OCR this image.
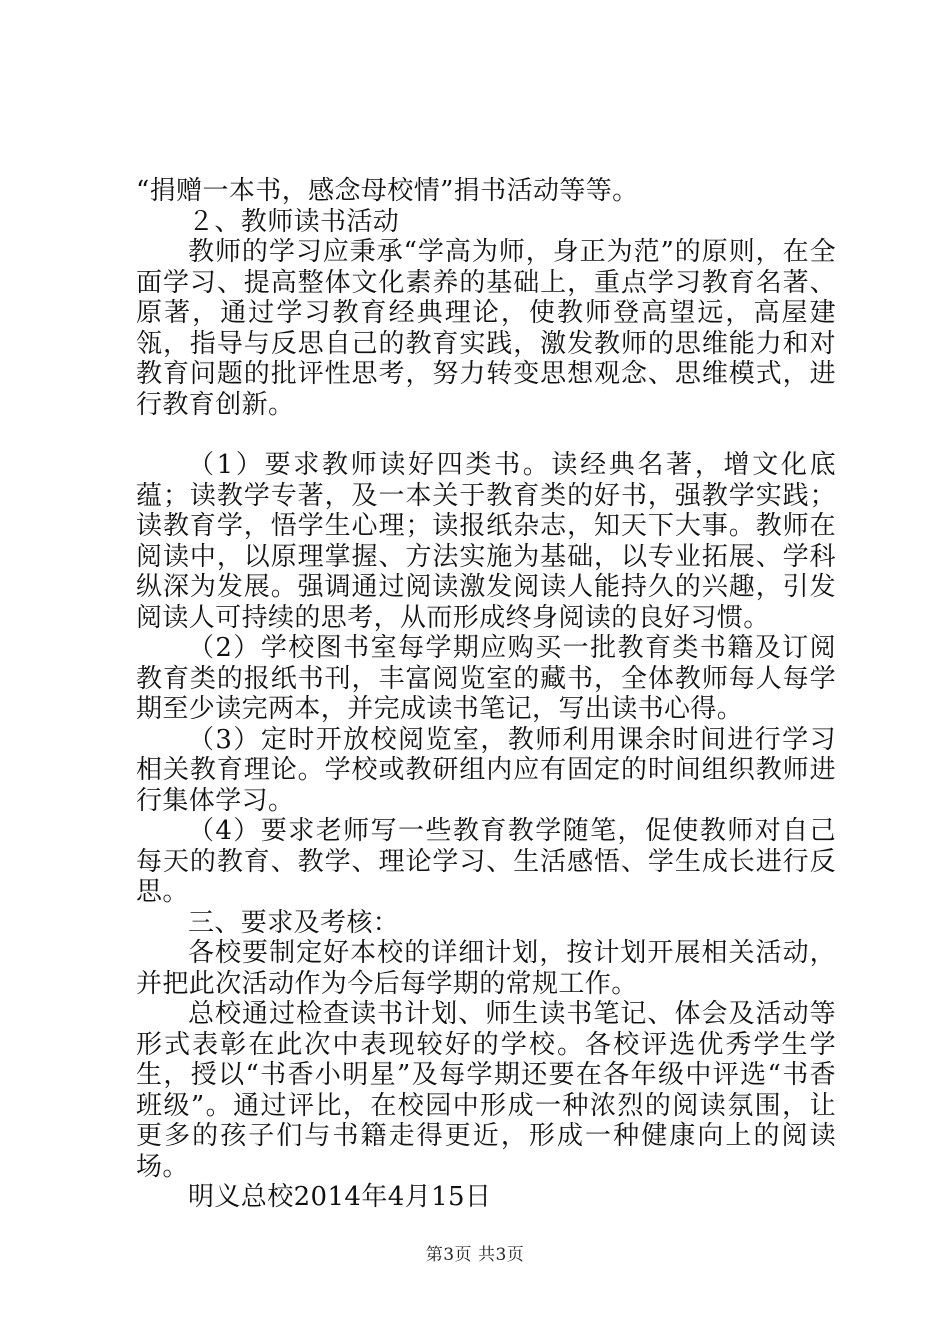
“捐赠一本书，感念母校情”捐书活动等等。

２、教师读书活动

教师的学习应秉承“学高为师，身正为范”的原则，在全面学习、提高整体文化素养的基础上，重点学习教育名著、原著，通过学习教育经典理论，使教师登高望远，高屋建瓴，指导与反思自己的教育实践，激发教师的思维能力和对教育问题的批评性思考，努力转变思想观念、思维模式，进行教育创新。

（1）要求教师读好四类书。读经典名著，增文化底蕴；读教学专著，及一本关于教育类的好书，强教学实践；读教育学，悟学生心理；读报纸杂志，知天下大事。教师在阅读中，以原理掌握、方法实施为基础，以专业拓展、学科纵深为发展。强调通过阅读激发阅读人能持久的兴趣，引发阅读人可持续的思考，从而形成终身阅读的良好习惯。

（2）学校图书室每学期应购买一批教育类书籍及订阅教育类的报纸书刊，丰富阅览室的藏书，全体教师每人每学期至少读完两本，并完成读书笔记，写出读书心得。

（3）定时开放校阅览室，教师利用课余时间进行学习相关教育理论。学校或教研组内应有固定的时间组织教师进行集体学习。

（4）要求老师写一些教育教学随笔，促使教师对自己每天的教育、教学、理论学习、生活感悟、学生成长进行反思。

三、要求及考核：

各校要制定好本校的详细计划，按计划开展相关活动，并把此次活动作为今后每学期的常规工作。

总校通过检查读书计划、师生读书笔记、体会及活动等形式表彰在此次中表现较好的学校。各校评选优秀学生学生，授以“书香小明星”及每学期还要在各年级中评选“书香班级”。通过评比，在校园中形成一种浓烈的阅读氛围，让更多的孩子们与书籍走得更近，形成一种健康向上的阅读场。

明义总校2014年4月15日

第3页 共3页
